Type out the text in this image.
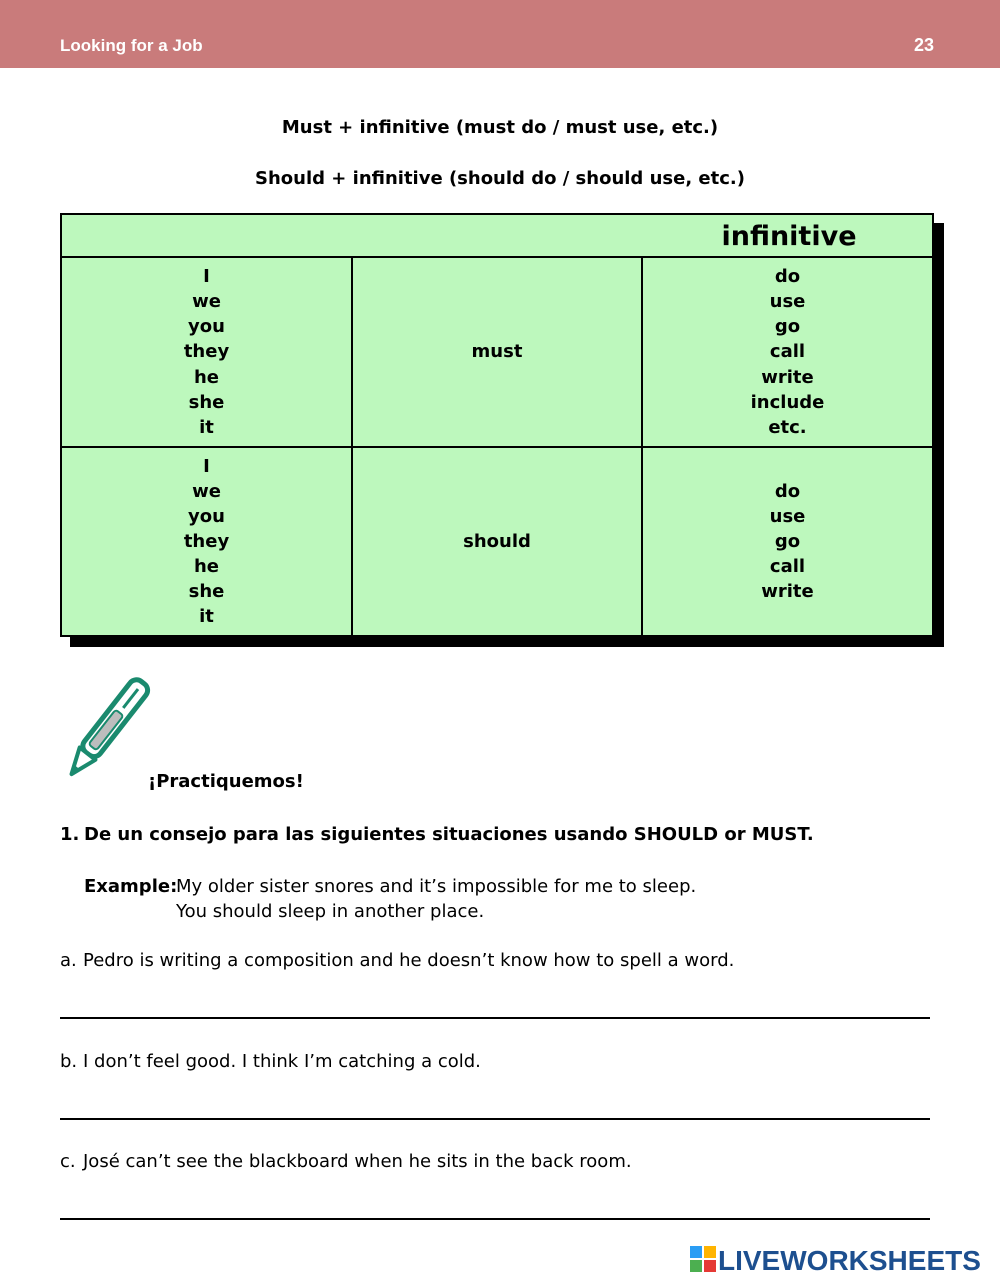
Looking for a Job	23
Must + infinitive (must do / must use, etc.)
Should + infinitive (should do / should use, etc.)
infinitive
I
we
you
they
he
she
it
must
do
use
go
call
write
include
etc.
I
we
you
they
he
she
it
should
do
use
go
call
write
¡Practiquemos!
1. De un consejo para las siguientes situaciones usando SHOULD or MUST.
Example:My older sister snores and it’s impossible for me to sleep.
You should sleep in another place.
a. Pedro is writing a composition and he doesn’t know how to spell a word.
b. I don’t feel good. I think I’m catching a cold.
c. José can’t see the blackboard when he sits in the back room.
LIVEWORKSHEETS
